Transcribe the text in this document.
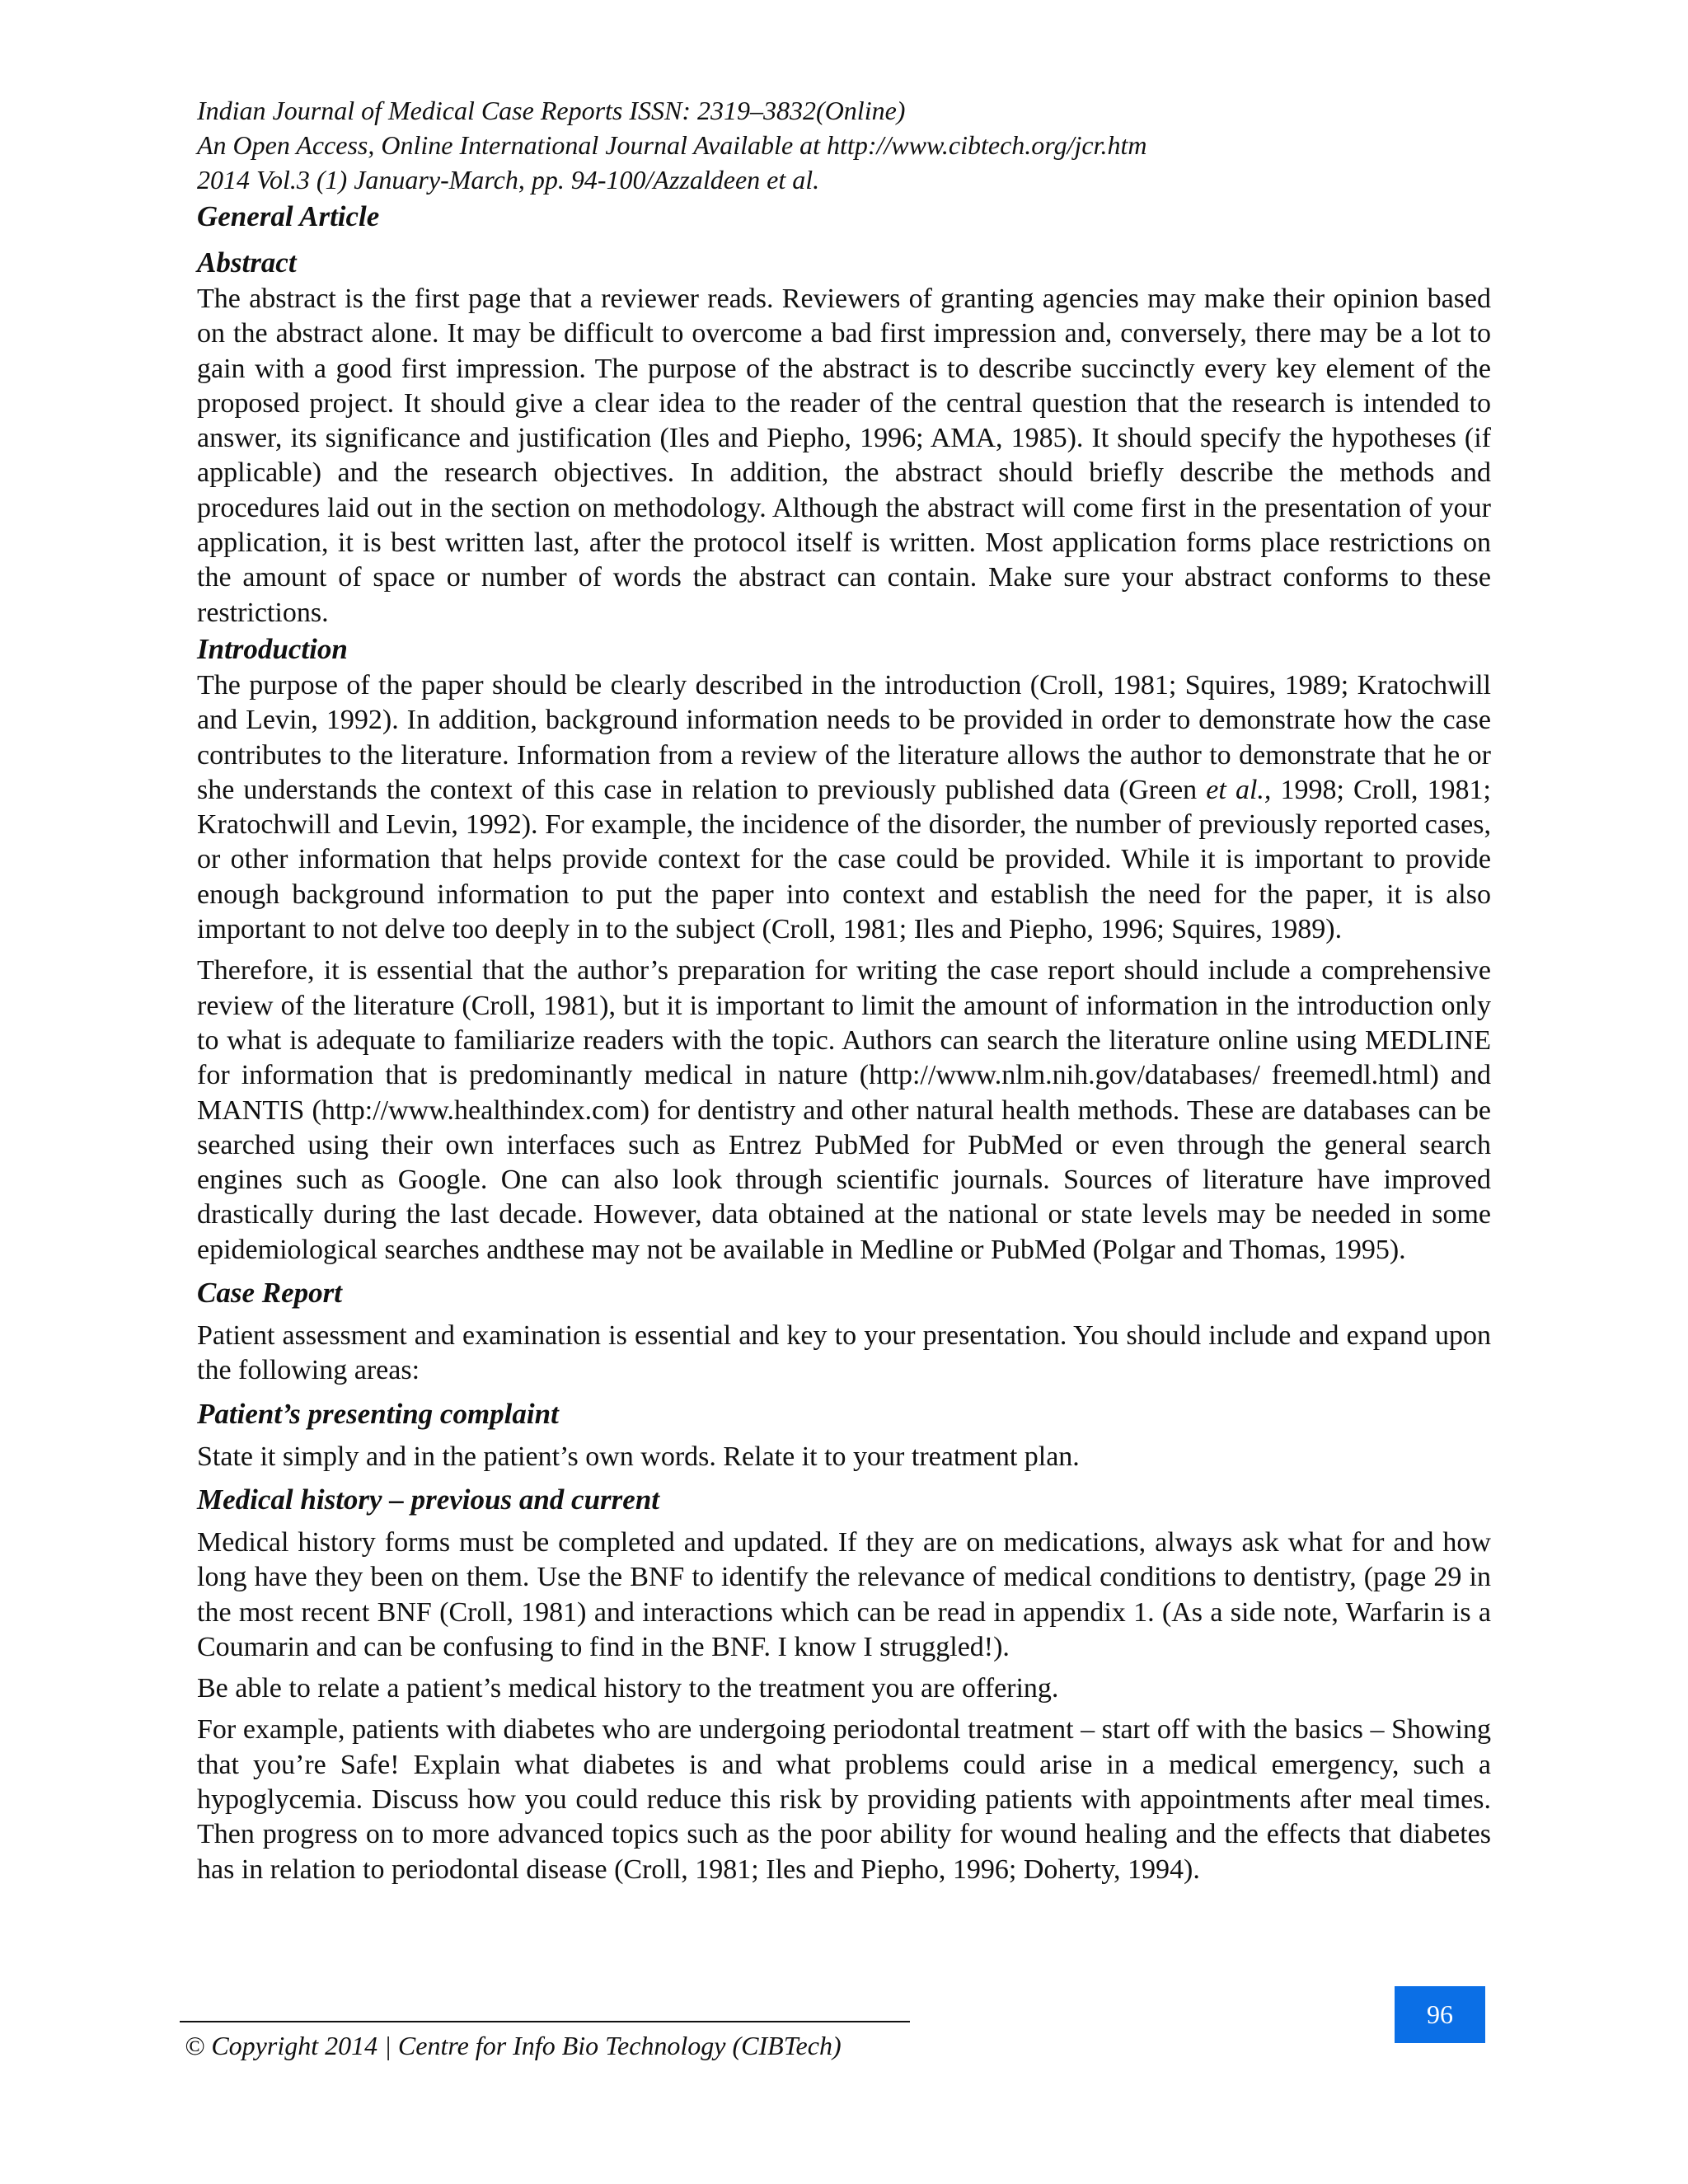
Indian Journal of Medical Case Reports ISSN: 2319–3832(Online)

An Open Access, Online International Journal Available at http://www.cibtech.org/jcr.htm

2014 Vol.3 (1) January-March, pp. 94-100/Azzaldeen et al.

General Article
Abstract

The abstract is the first page that a reviewer reads. Reviewers of granting agencies may make their opinion based on the abstract alone. It may be difficult to overcome a bad first impression and, conversely, there may be a lot to gain with a good first impression. The purpose of the abstract is to describe succinctly every key element of the proposed project. It should give a clear idea to the reader of the central question that the research is intended to answer, its significance and justification (Iles and Piepho, 1996; AMA, 1985). It should specify the hypotheses (if applicable) and the research objectives. In addition, the abstract should briefly describe the methods and procedures laid out in the section on methodology. Although the abstract will come first in the presentation of your application, it is best written last, after the protocol itself is written. Most application forms place restrictions on the amount of space or number of words the abstract can contain. Make sure your abstract conforms to these restrictions.

Introduction

The purpose of the paper should be clearly described in the introduction (Croll, 1981; Squires, 1989; Kratochwill and Levin, 1992). In addition, background information needs to be provided in order to demonstrate how the case contributes to the literature. Information from a review of the literature allows the author to demonstrate that he or she understands the context of this case in relation to previously published data (Green et al., 1998; Croll, 1981; Kratochwill and Levin, 1992). For example, the incidence of the disorder, the number of previously reported cases, or other information that helps provide context for the case could be provided. While it is important to provide enough background information to put the paper into context and establish the need for the paper, it is also important to not delve too deeply in to the subject (Croll, 1981; Iles and Piepho, 1996; Squires, 1989).

Therefore, it is essential that the author’s preparation for writing the case report should include a comprehensive review of the literature (Croll, 1981), but it is important to limit the amount of information in the introduction only to what is adequate to familiarize readers with the topic. Authors can search the literature online using MEDLINE for information that is predominantly medical in nature (http://www.nlm.nih.gov/databases/ freemedl.html) and MANTIS (http://www.healthindex.com) for dentistry and other natural health methods. These are databases can be searched using their own interfaces such as Entrez PubMed for PubMed or even through the general search engines such as Google. One can also look through scientific journals. Sources of literature have improved drastically during the last decade. However, data obtained at the national or state levels may be needed in some epidemiological searches andthese may not be available in Medline or PubMed (Polgar and Thomas, 1995).

Case Report

Patient assessment and examination is essential and key to your presentation. You should include and expand upon the following areas:

Patient’s presenting complaint

State it simply and in the patient’s own words. Relate it to your treatment plan.

Medical history – previous and current

Medical history forms must be completed and updated. If they are on medications, always ask what for and how long have they been on them. Use the BNF to identify the relevance of medical conditions to dentistry, (page 29 in the most recent BNF (Croll, 1981) and interactions which can be read in appendix 1. (As a side note, Warfarin is a Coumarin and can be confusing to find in the BNF. I know I struggled!).

Be able to relate a patient’s medical history to the treatment you are offering.

For example, patients with diabetes who are undergoing periodontal treatment – start off with the basics – Showing that you’re Safe! Explain what diabetes is and what problems could arise in a medical emergency, such a hypoglycemia. Discuss how you could reduce this risk by providing patients with appointments after meal times. Then progress on to more advanced topics such as the poor ability for wound healing and the effects that diabetes has in relation to periodontal disease (Croll, 1981; Iles and Piepho, 1996; Doherty, 1994).

© Copyright 2014 | Centre for Info Bio Technology (CIBTech)
96
